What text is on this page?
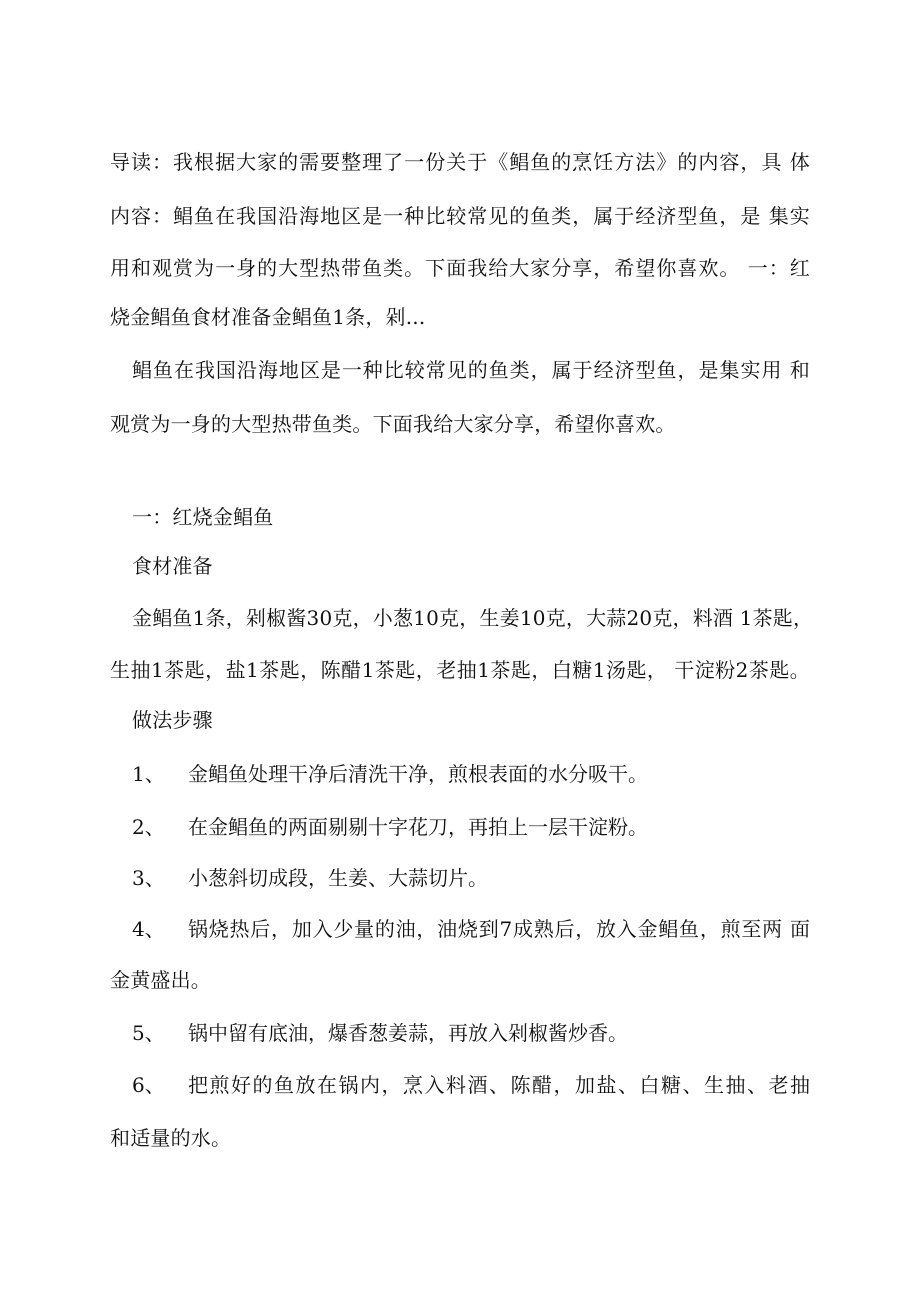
导读：我根据大家的需要整理了一份关于《鲳鱼的烹饪方法》的内容，具 体
内容：鲳鱼在我国沿海地区是一种比较常见的鱼类，属于经济型鱼，是 集实
用和观赏为一身的大型热带鱼类。下面我给大家分享，希望你喜欢。 一：红
烧金鲳鱼食材准备金鲳鱼1条，剁...
鲳鱼在我国沿海地区是一种比较常见的鱼类，属于经济型鱼，是集实用 和
观赏为一身的大型热带鱼类。下面我给大家分享，希望你喜欢。
一：红烧金鲳鱼
食材准备
金鲳鱼1条，剁椒酱30克，小葱10克，生姜10克，大蒜20克，料酒 1茶匙，
生抽1茶匙，盐1茶匙，陈醋1茶匙，老抽1茶匙，白糖1汤匙， 干淀粉2茶匙。
做法步骤
1、 金鲳鱼处理干净后清洗干净，煎根表面的水分吸干。
2、 在金鲳鱼的两面剔剔十字花刀，再拍上一层干淀粉。
3、 小葱斜切成段，生姜、大蒜切片。
4、 锅烧热后，加入少量的油，油烧到7成熟后，放入金鲳鱼，煎至两 面
金黄盛出。
5、 锅中留有底油，爆香葱姜蒜，再放入剁椒酱炒香。
6、 把煎好的鱼放在锅内，烹入料酒、陈醋，加盐、白糖、生抽、老抽
和适量的水。
